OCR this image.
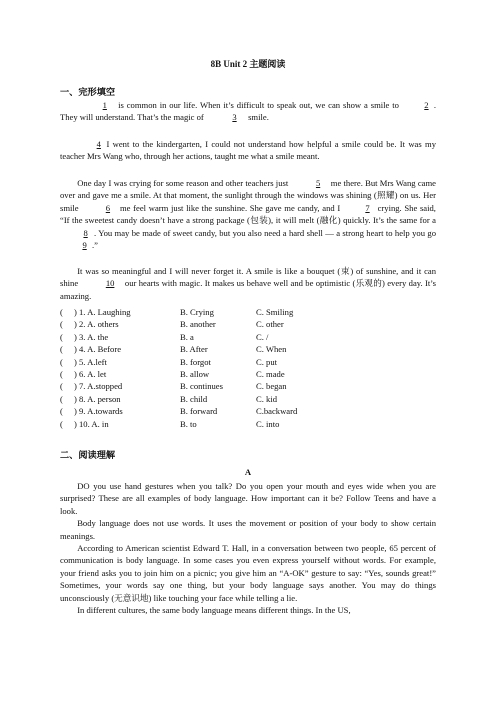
8B Unit 2 主题阅读
一、完形填空

1 is common in our life. When it’s difficult to speak out, we can show a smile to	2 . They will understand. That’s the magic of	3 smile.

4 I went to the kindergarten, I could not understand how helpful a smile could be. It was my teacher Mrs Wang who, through her actions, taught me what a smile meant.

One day I was crying for some reason and other teachers just	5 me there. But Mrs Wang came over and gave me a smile. At that moment, the sunlight through the windows was shining (照耀) on us. Her smile	6 me feel warm just like the sunshine. She gave me candy, and I	7 crying. She said, “If the sweetest candy doesn’t have a strong package (包装), it will melt (融化) quickly. It’s the same for a 8 . You may be made of sweet candy, but you also need a hard shell — a strong heart to help you go 9 .”

It was so meaningful and I will never forget it. A smile is like a bouquet (束) of sunshine, and it can shine	10 our hearts with magic. It makes us behave well and be optimistic (乐观的) every day. It’s amazing.

( ) 1. A. Laughing	B. Crying	C. Smiling
( ) 2. A. others	B. another	C. other
( ) 3. A. the	B. a	C. /
( ) 4. A. Before	B. After	C. When
( ) 5. A.left	B. forgot	C. put
( ) 6. A. let	B. allow	C. made
( ) 7. A.stopped	B. continues	C. began
( ) 8. A. person	B. child	C. kid
( ) 9. A.towards	B. forward	C.backward
( ) 10. A. in	B. to	C. into
二、阅读理解
A

DO you use hand gestures when you talk? Do you open your mouth and eyes wide when you are surprised? These are all examples of body language. How important can it be? Follow Teens and have a look.

Body language does not use words. It uses the movement or position of your body to show certain meanings.

According to American scientist Edward T. Hall, in a conversation between two people, 65 percent of communication is body language. In some cases you even express yourself without words. For example, your friend asks you to join him on a picnic; you give him an “A-OK” gesture to say: “Yes, sounds great!” Sometimes, your words say one thing, but your body language says another. You may do things unconsciously (无意识地) like touching your face while telling a lie.

In different cultures, the same body language means different things. In the US,
